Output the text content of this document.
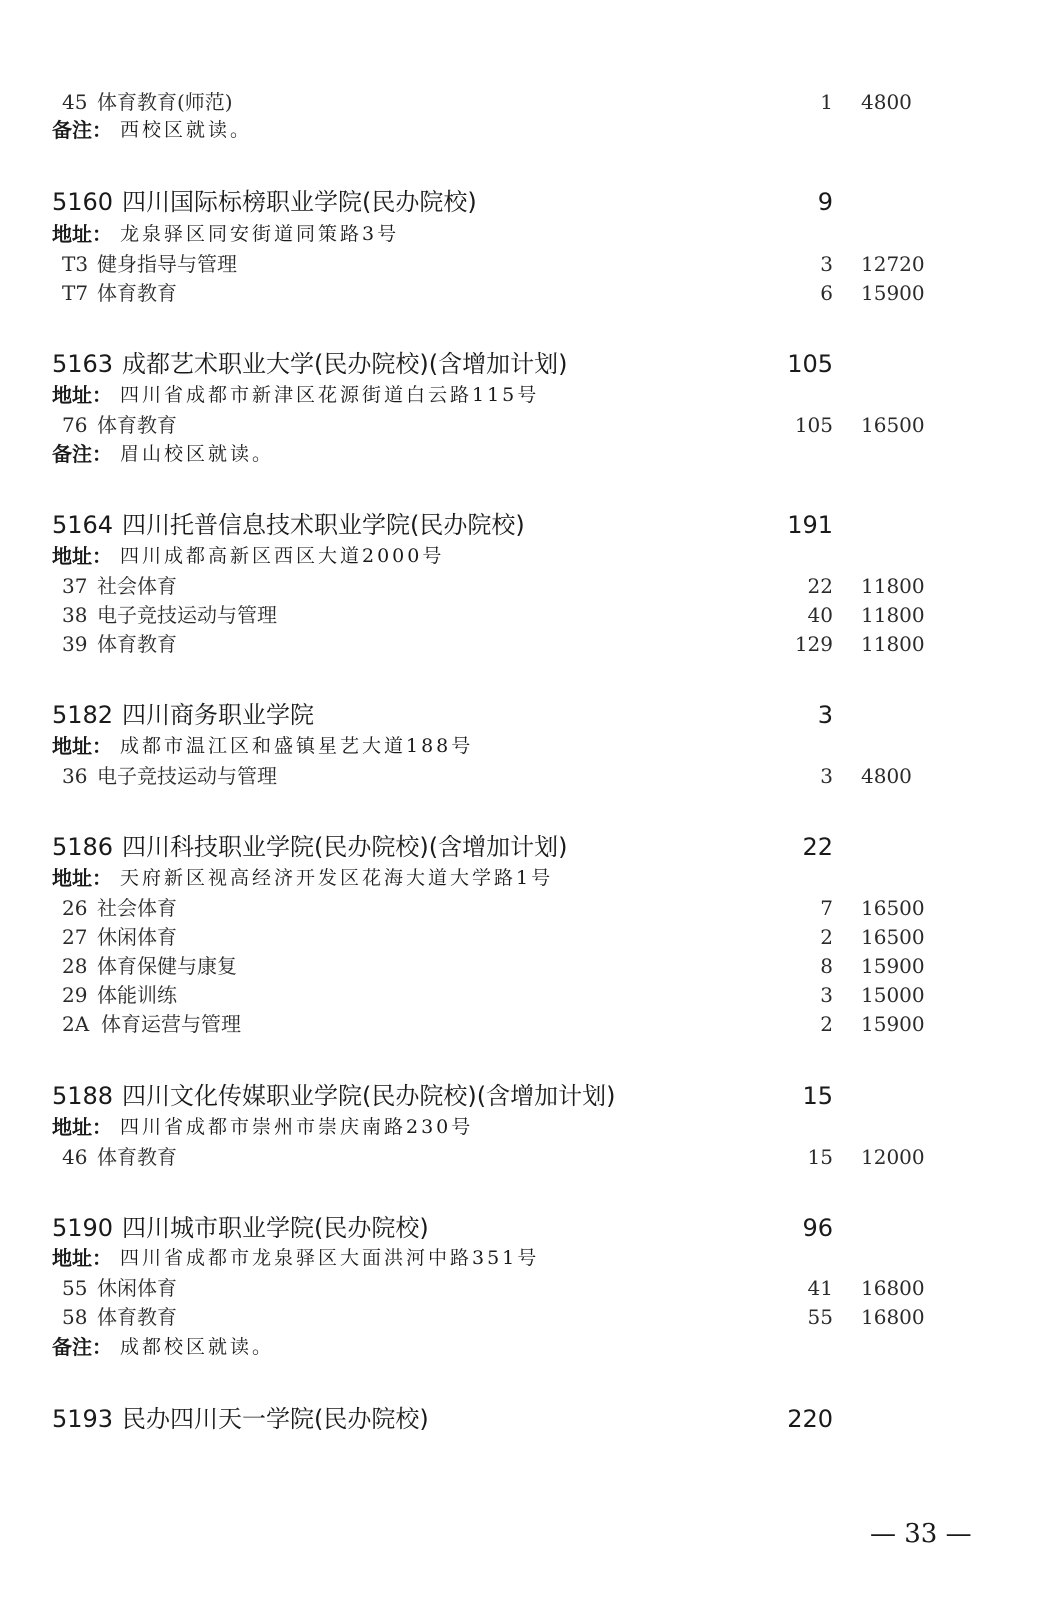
45 体育教育(师范)	1 4800
备注： 西校区就读。
5160 四川国际标榜职业学院(民办院校)	9
地址： 龙泉驿区同安街道同策路3号
T3 健身指导与管理	3 12720
T7 体育教育	6 15900
5163 成都艺术职业大学(民办院校)(含增加计划)	105
地址： 四川省成都市新津区花源街道白云路115号
76 体育教育	105 16500
备注： 眉山校区就读。
5164 四川托普信息技术职业学院(民办院校)	191
地址： 四川成都高新区西区大道2000号
37 社会体育	22 11800
38 电子竞技运动与管理	40 11800
39 体育教育	129 11800
5182 四川商务职业学院	3
地址： 成都市温江区和盛镇星艺大道188号
36 电子竞技运动与管理	3 4800
5186 四川科技职业学院(民办院校)(含增加计划)	22
地址： 天府新区视高经济开发区花海大道大学路1号
26 社会体育	7 16500
27 休闲体育	2 16500
28 体育保健与康复	8 15900
29 体能训练	3 15000
2A 体育运营与管理	2 15900
5188 四川文化传媒职业学院(民办院校)(含增加计划)	15
地址： 四川省成都市崇州市崇庆南路230号
46 体育教育	15 12000
5190 四川城市职业学院(民办院校)	96
地址： 四川省成都市龙泉驿区大面洪河中路351号
55 休闲体育	41 16800
58 体育教育	55 16800
备注： 成都校区就读。
5193 民办四川天一学院(民办院校)	220
— 33 —
